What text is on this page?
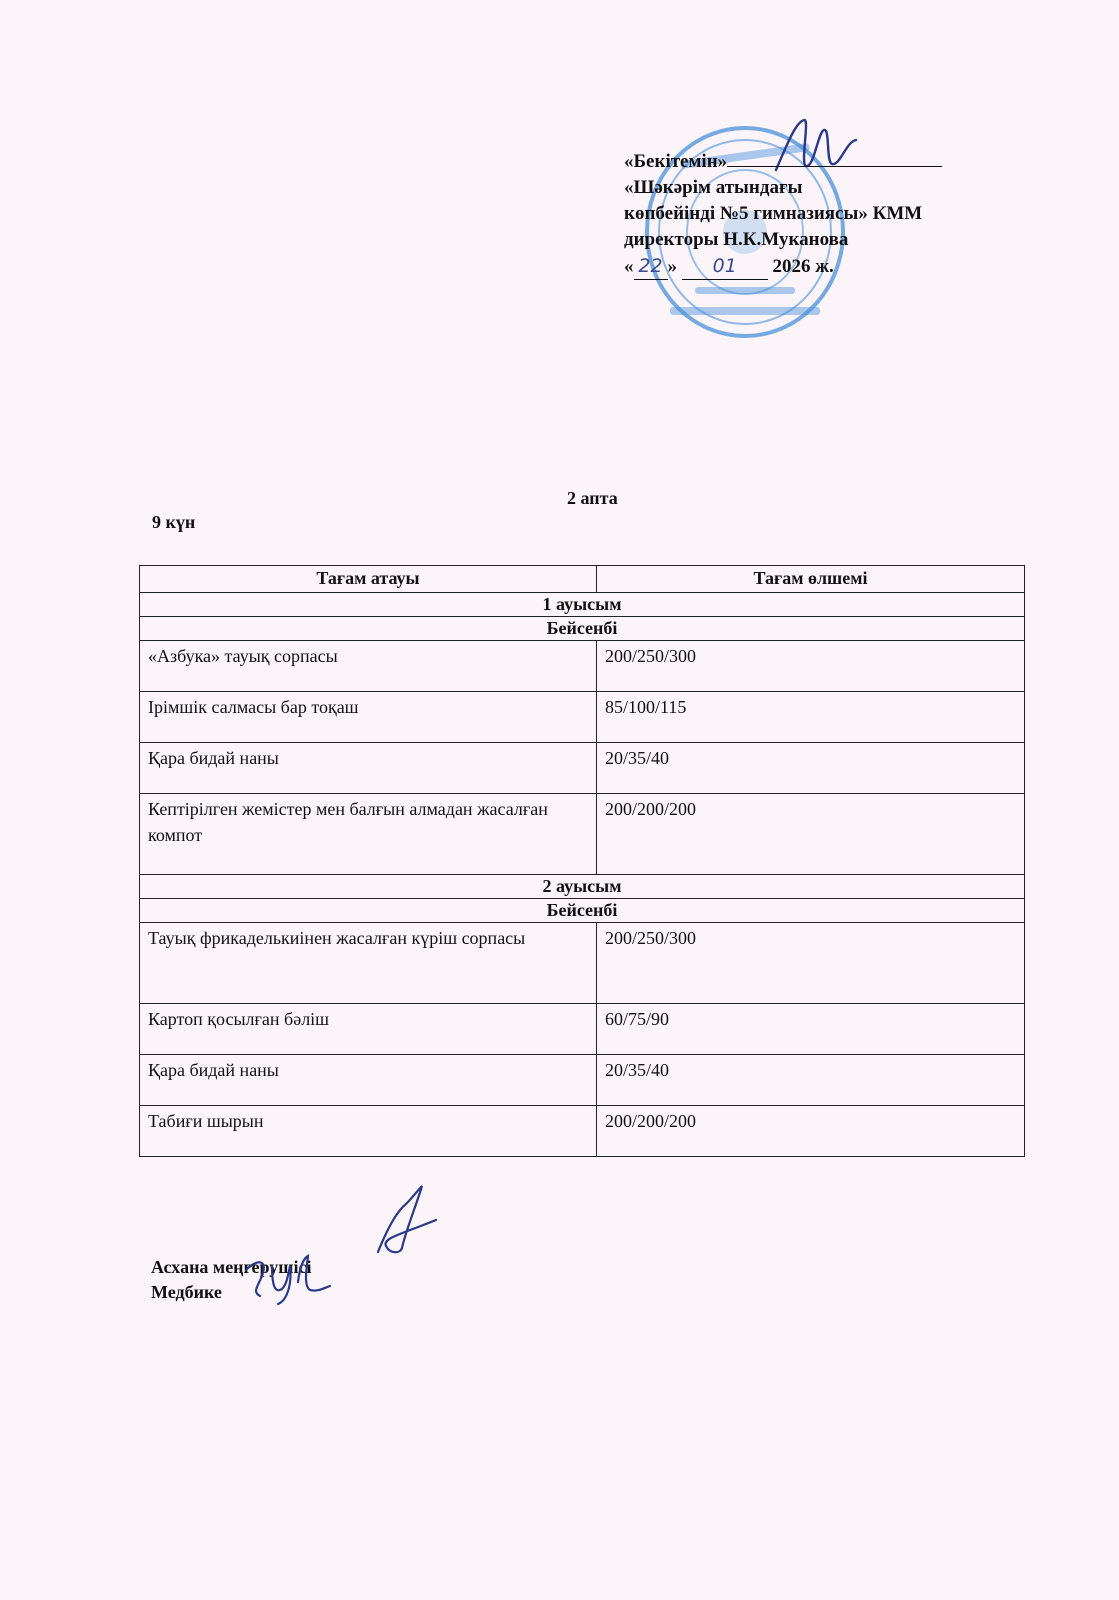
«Бекітемін»
«Шәкәрім атындағы
көпбейінді №5 гимназиясы» КММ
директоры Н.К.Муканова
« 22 » 01 2026 ж.
2 апта
9 күн
Тағам атауы	Тағам өлшемі
1 ауысым	
Бейсенбі	
«Азбука» тауық сорпасы	200/250/300
Ірімшік салмасы бар тоқаш	85/100/115
Қара бидай наны	20/35/40
Кептірілген жемістер мен балғын алмадан жасалған компот	200/200/200
2 ауысым	
Бейсенбі	
Тауық фрикаделькиінен жасалған күріш сорпасы	200/250/300
Картоп қосылған бәліш	60/75/90
Қара бидай наны	20/35/40
Табиғи шырын	200/200/200
Асхана меңгерушісі
Медбике
